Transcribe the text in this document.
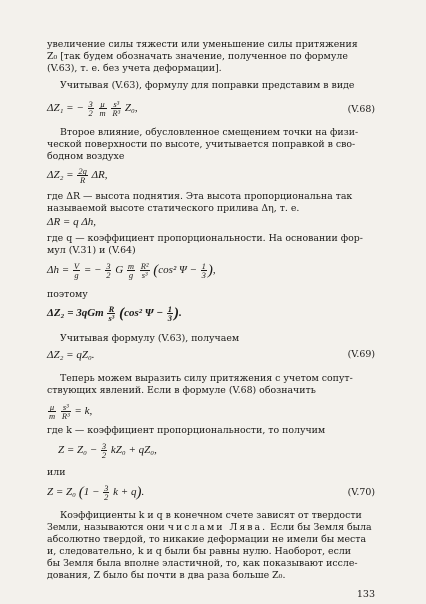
увеличение силы тяжести или уменьшение силы притяжения
Z₀ [так будем обозначать значение, полученное по формуле
(V.63), т. е. без учета деформации].
Учитывая (V.63), формулу для поправки представим в виде
ΔZ₁ = − $\frac{3}{2}$
$\frac{\mu}{m}$
$\frac{\text{s³}}{\text{R³}} Z_0$,	(V.68)
Второе влияние, обусловленное смещением точки на физи-
ческой поверхности по высоте, учитывается поправкой в сво-
бодном воздухе
$\Delta Z_2 = \frac{2g}{R} \Delta R$,
где ΔR — высота поднятия. Эта высота пропорциональна так
называемой высоте статического прилива Δη, т. е.
ΔR = q Δh,
где q — коэффициент пропорциональности. На основании фор-
мул (V.31) и (V.64)
$\Delta h = \frac{V}{g}$ = − $\frac{3}{2}$ G $\frac{m}{g}$
$\frac{\text{R²}}{\text{s³}} (\cos^2$ $\Psi - \frac{1}{3}$ ),
поэтому
$\Delta Z_2 = 3qGm \frac{R}{\text{s³}} (\cos^2$ $\Psi - \frac{1}{3}$ ).
Учитывая формулу (V.63), получаем
ΔZ₂ = qZ₀.	(V.69)
Теперь можем выразить силу притяжения с учетом сопут-
ствующих явлений. Если в формуле (V.68) обозначить
$\frac{\mu}{m}$
$\frac{\text{s³}}{\text{R³}} = k$,
где k — коэффициент пропорциональности, то получим
$Z = Z_0 - \frac{3}{2} kZ_0 + qZ_0$,
или
Z = Z₀ ($1 - \frac{3}{2}$ k + q).	(V.70)
Коэффициенты k и q в конечном счете зависят от твердости
Земли, называются они числами Лява. Если бы Земля была
абсолютно твердой, то никакие деформации не имели бы места
и, следовательно, k и q были бы равны нулю. Наоборот, если
бы Земля была вполне эластичной, то, как показывают иссле-
дования, Z было бы почти в два раза больше Z₀.
133
